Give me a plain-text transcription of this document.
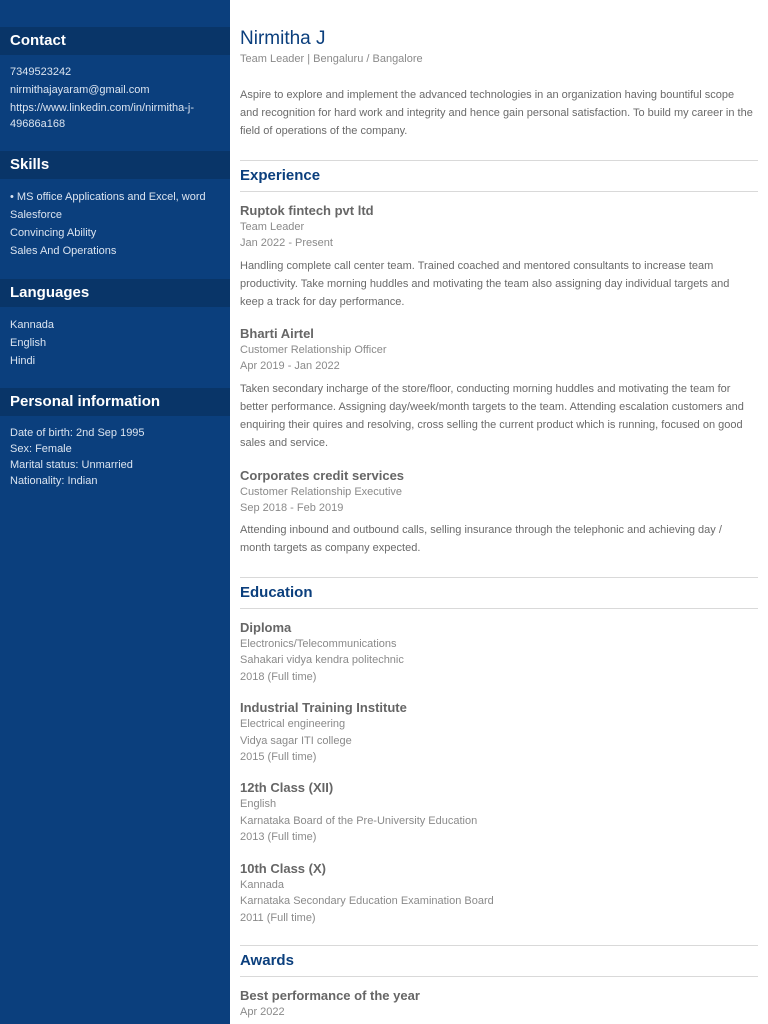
Contact
7349523242
nirmithajayaram@gmail.com
https://www.linkedin.com/in/nirmitha-j-
49686a168
Skills
• MS office Applications and Excel, word
Salesforce
Convincing Ability
Sales And Operations
Languages
Kannada
English
Hindi
Personal information
Date of birth: 2nd Sep 1995
Sex: Female
Marital status: Unmarried
Nationality: Indian
Nirmitha J
Team Leader | Bengaluru / Bangalore
Aspire to explore and implement the advanced technologies in an organization having bountiful scope and recognition for hard work and integrity and hence gain personal satisfaction. To build my career in the field of operations of the company.
Experience
Ruptok fintech pvt ltd
Team Leader
Jan 2022 - Present
Handling complete call center team. Trained coached and mentored consultants to increase team productivity. Take morning huddles and motivating the team also assigning day individual targets and keep a track for day performance.
Bharti Airtel
Customer Relationship Officer
Apr 2019 - Jan 2022
Taken secondary incharge of the store/floor, conducting morning huddles and motivating the team for better performance. Assigning day/week/month targets to the team. Attending escalation customers and enquiring their quires and resolving, cross selling the current product which is running, focused on good sales and service.
Corporates credit services
Customer Relationship Executive
Sep 2018 - Feb 2019
Attending inbound and outbound calls, selling insurance through the telephonic and achieving day / month targets as company expected.
Education
Diploma
Electronics/Telecommunications
Sahakari vidya kendra politechnic
2018 (Full time)
Industrial Training Institute
Electrical engineering
Vidya sagar ITI college
2015 (Full time)
12th Class (XII)
English
Karnataka Board of the Pre-University Education
2013 (Full time)
10th Class (X)
Kannada
Karnataka Secondary Education Examination Board
2011 (Full time)
Awards
Best performance of the year
Apr 2022
